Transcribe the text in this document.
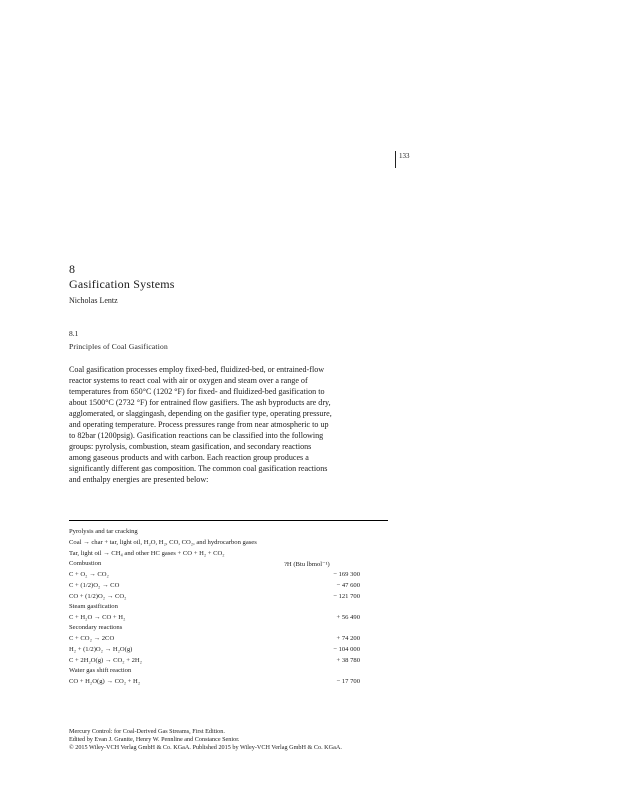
133
8
Gasification Systems
Nicholas Lentz
8.1
Principles of Coal Gasification
Coal gasification processes employ fixed-bed, fluidized-bed, or entrained-flow
reactor systems to react coal with air or oxygen and steam over a range of
temperatures from 650°C (1202 °F) for fixed- and fluidized-bed gasification to
about 1500°C (2732 °F) for entrained flow gasifiers. The ash byproducts are dry,
agglomerated, or slaggingash, depending on the gasifier type, operating pressure,
and operating temperature. Process pressures range from near atmospheric to up
to 82bar (1200psig). Gasification reactions can be classified into the following
groups: pyrolysis, combustion, steam gasification, and secondary reactions
among gaseous products and with carbon. Each reaction group produces a
significantly different gas composition. The common coal gasification reactions
and enthalpy energies are presented below:
Pyrolysis and tar cracking
Coal → char + tar, light oil, H₂O, H₂, CO, CO₂, and hydrocarbon gases
Tar, light oil → CH₄ and other HC gases + CO + H₂ + CO₂
Combustion	?H (Btu lbmol⁻¹)
C + O₂ → CO₂	− 169 300
C + (1/2)O₂ → CO	− 47 600
CO + (1/2)O₂ → CO₂	− 121 700
Steam gasification
C + H₂O → CO + H₂	+ 56 490
Secondary reactions
C + CO₂ → 2CO	+ 74 200
H₂ + (1/2)O₂ → H₂O(g)	− 104 000
C + 2H₂O(g) → CO₂ + 2H₂	+ 38 780
Water gas shift reaction
CO + H₂O(g) → CO₂ + H₂	− 17 700
Mercury Control: for Coal-Derived Gas Streams, First Edition.
Edited by Evan J. Granite, Henry W. Pennline and Constance Senior.
© 2015 Wiley-VCH Verlag GmbH & Co. KGaA. Published 2015 by Wiley-VCH Verlag GmbH & Co. KGaA.
